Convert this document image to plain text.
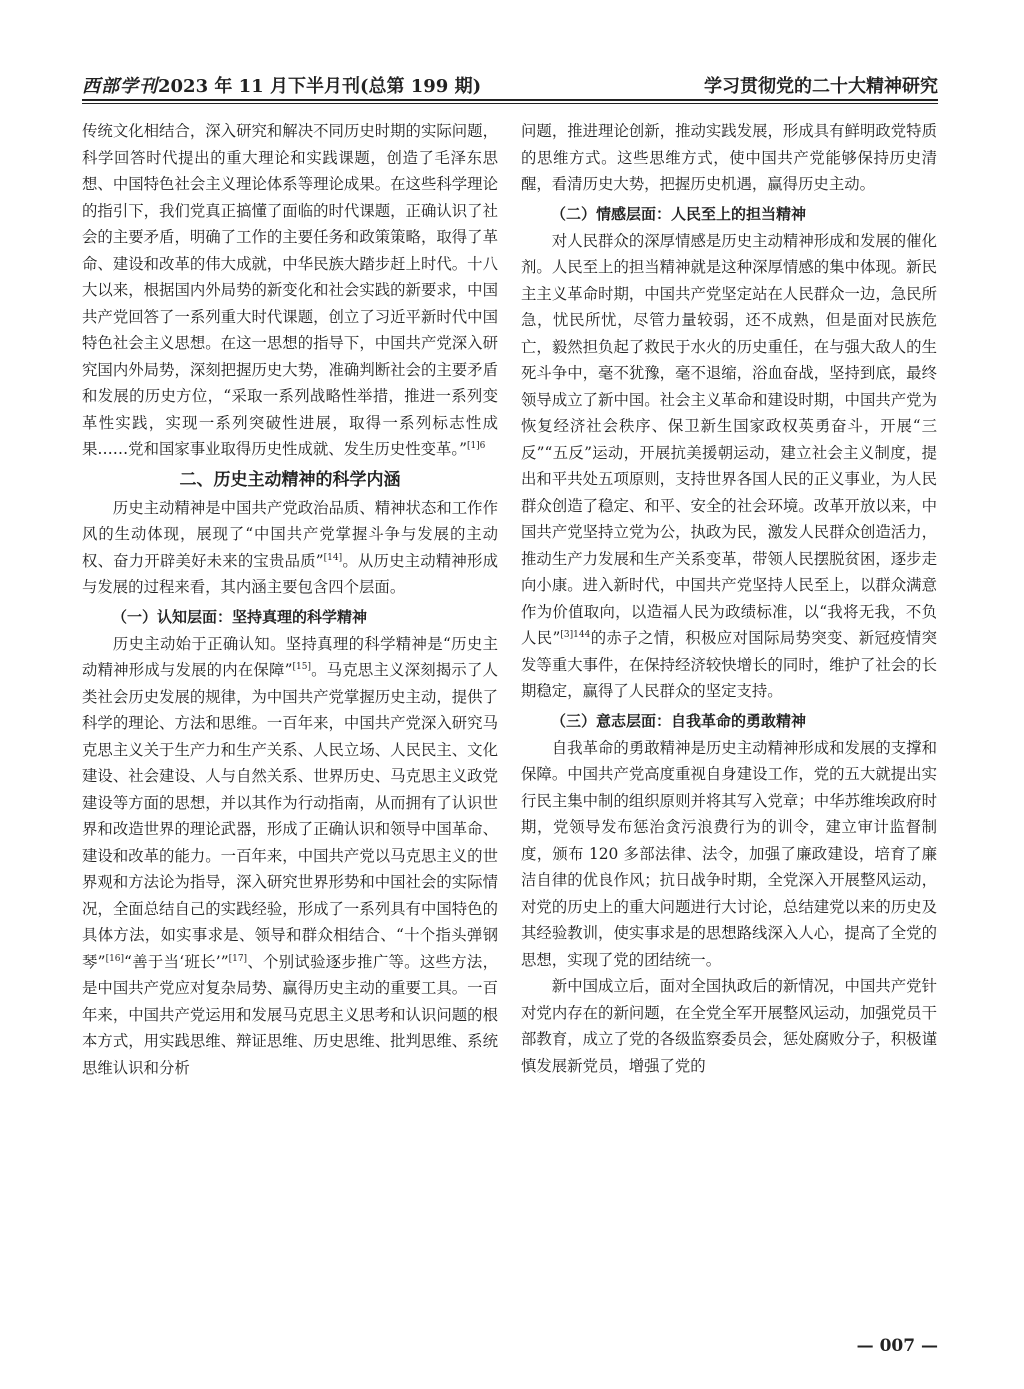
西部学刊2023 年 11 月下半月刊(总第 199 期)	学习贯彻党的二十大精神研究

传统文化相结合，深入研究和解决不同历史时期的实际问题，科学回答时代提出的重大理论和实践课题，创造了毛泽东思想、中国特色社会主义理论体系等理论成果。在这些科学理论的指引下，我们党真正搞懂了面临的时代课题，正确认识了社会的主要矛盾，明确了工作的主要任务和政策策略，取得了革命、建设和改革的伟大成就，中华民族大踏步赶上时代。十八大以来，根据国内外局势的新变化和社会实践的新要求，中国共产党回答了一系列重大时代课题，创立了习近平新时代中国特色社会主义思想。在这一思想的指导下，中国共产党深入研究国内外局势，深刻把握历史大势，准确判断社会的主要矛盾和发展的历史方位，“采取一系列战略性举措，推进一系列变革性实践，实现一系列突破性进展，取得一系列标志性成果……党和国家事业取得历史性成就、发生历史性变革。”$^{[1]6}$

二、历史主动精神的科学内涵

历史主动精神是中国共产党政治品质、精神状态和工作作风的生动体现，展现了“中国共产党掌握斗争与发展的主动权、奋力开辟美好未来的宝贵品质”[14]。从历史主动精神形成与发展的过程来看，其内涵主要包含四个层面。

（一）认知层面：坚持真理的科学精神

历史主动始于正确认知。坚持真理的科学精神是“历史主动精神形成与发展的内在保障”[15]。马克思主义深刻揭示了人类社会历史发展的规律，为中国共产党掌握历史主动，提供了科学的理论、方法和思维。一百年来，中国共产党深入研究马克思主义关于生产力和生产关系、人民立场、人民民主、文化建设、社会建设、人与自然关系、世界历史、马克思主义政党建设等方面的思想，并以其作为行动指南，从而拥有了认识世界和改造世界的理论武器，形成了正确认识和领导中国革命、建设和改革的能力。一百年来，中国共产党以马克思主义的世界观和方法论为指导，深入研究世界形势和中国社会的实际情况，全面总结自己的实践经验，形成了一系列具有中国特色的具体方法，如实事求是、领导和群众相结合、“十个指头弹钢琴”[16]“善于当‘班长’”[17]、个别试验逐步推广等。这些方法，是中国共产党应对复杂局势、赢得历史主动的重要工具。一百年来，中国共产党运用和发展马克思主义思考和认识问题的根本方式，用实践思维、辩证思维、历史思维、批判思维、系统思维认识和分析

问题，推进理论创新，推动实践发展，形成具有鲜明政党特质的思维方式。这些思维方式，使中国共产党能够保持历史清醒，看清历史大势，把握历史机遇，赢得历史主动。

（二）情感层面：人民至上的担当精神

对人民群众的深厚情感是历史主动精神形成和发展的催化剂。人民至上的担当精神就是这种深厚情感的集中体现。新民主主义革命时期，中国共产党坚定站在人民群众一边，急民所急，忧民所忧，尽管力量较弱，还不成熟，但是面对民族危亡，毅然担负起了救民于水火的历史重任，在与强大敌人的生死斗争中，毫不犹豫，毫不退缩，浴血奋战，坚持到底，最终领导成立了新中国。社会主义革命和建设时期，中国共产党为恢复经济社会秩序、保卫新生国家政权英勇奋斗，开展“三反”“五反”运动，开展抗美援朝运动，建立社会主义制度，提出和平共处五项原则，支持世界各国人民的正义事业，为人民群众创造了稳定、和平、安全的社会环境。改革开放以来，中国共产党坚持立党为公，执政为民，激发人民群众创造活力，推动生产力发展和生产关系变革，带领人民摆脱贫困，逐步走向小康。进入新时代，中国共产党坚持人民至上，以群众满意作为价值取向，以造福人民为政绩标准，以“我将无我，不负人民”$^{[3]144}$的赤子之情，积极应对国际局势突变、新冠疫情突发等重大事件，在保持经济较快增长的同时，维护了社会的长期稳定，赢得了人民群众的坚定支持。

（三）意志层面：自我革命的勇敢精神

自我革命的勇敢精神是历史主动精神形成和发展的支撑和保障。中国共产党高度重视自身建设工作，党的五大就提出实行民主集中制的组织原则并将其写入党章；中华苏维埃政府时期，党领导发布惩治贪污浪费行为的训令，建立审计监督制度，颁布 120 多部法律、法令，加强了廉政建设，培育了廉洁自律的优良作风；抗日战争时期，全党深入开展整风运动，对党的历史上的重大问题进行大讨论，总结建党以来的历史及其经验教训，使实事求是的思想路线深入人心，提高了全党的思想，实现了党的团结统一。

新中国成立后，面对全国执政后的新情况，中国共产党针对党内存在的新问题，在全党全军开展整风运动，加强党员干部教育，成立了党的各级监察委员会，惩处腐败分子，积极谨慎发展新党员，增强了党的

— 007 —
